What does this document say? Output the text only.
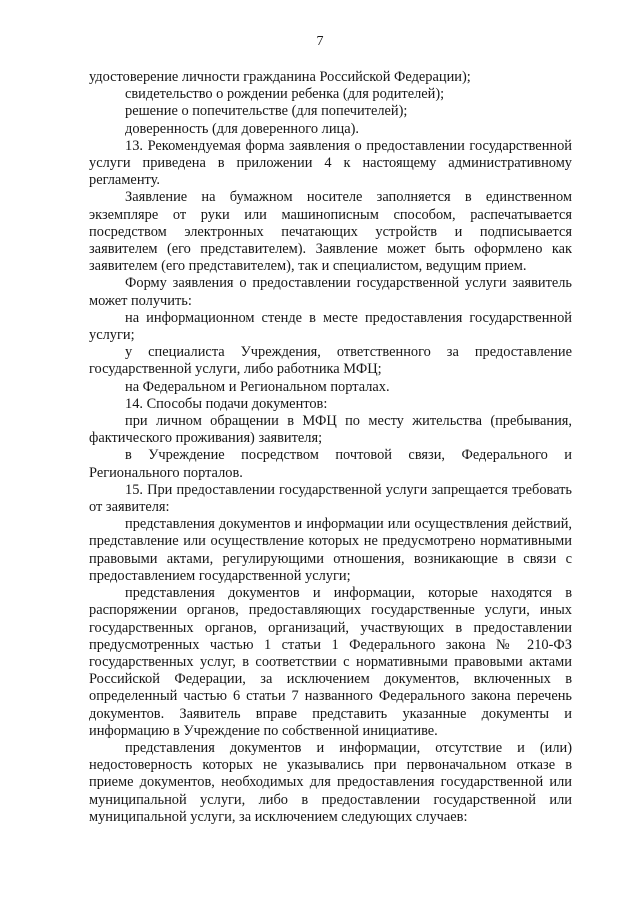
7

удостоверение личности гражданина Российской Федерации);

свидетельство о рождении ребенка (для родителей);

решение о попечительстве (для попечителей);

доверенность (для доверенного лица).

13. Рекомендуемая форма заявления о предоставлении государственной услуги приведена в приложении 4 к настоящему административному регламенту.

Заявление на бумажном носителе заполняется в единственном экземпляре от руки или машинописным способом, распечатывается посредством электронных печатающих устройств и подписывается заявителем (его представителем). Заявление может быть оформлено как заявителем (его представителем), так и специалистом, ведущим прием.

Форму заявления о предоставлении государственной услуги заявитель может получить:

на информационном стенде в месте предоставления государственной услуги;

у специалиста Учреждения, ответственного за предоставление государственной услуги, либо работника МФЦ;

на Федеральном и Региональном порталах.

14. Способы подачи документов:

при личном обращении в МФЦ по месту жительства (пребывания, фактического проживания) заявителя;

в Учреждение посредством почтовой связи, Федерального и Регионального порталов.

15. При предоставлении государственной услуги запрещается требовать от заявителя:

представления документов и информации или осуществления действий, представление или осуществление которых не предусмотрено нормативными правовыми актами, регулирующими отношения, возникающие в связи с предоставлением государственной услуги;

представления документов и информации, которые находятся в распоряжении органов, предоставляющих государственные услуги, иных государственных органов, организаций, участвующих в предоставлении предусмотренных частью 1 статьи 1 Федерального закона № 210-ФЗ государственных услуг, в соответствии с нормативными правовыми актами Российской Федерации, за исключением документов, включенных в определенный частью 6 статьи 7 названного Федерального закона перечень документов. Заявитель вправе представить указанные документы и информацию в Учреждение по собственной инициативе.

представления документов и информации, отсутствие и (или) недостоверность которых не указывались при первоначальном отказе в приеме документов, необходимых для предоставления государственной или муниципальной услуги, либо в предоставлении государственной или муниципальной услуги, за исключением следующих случаев:
